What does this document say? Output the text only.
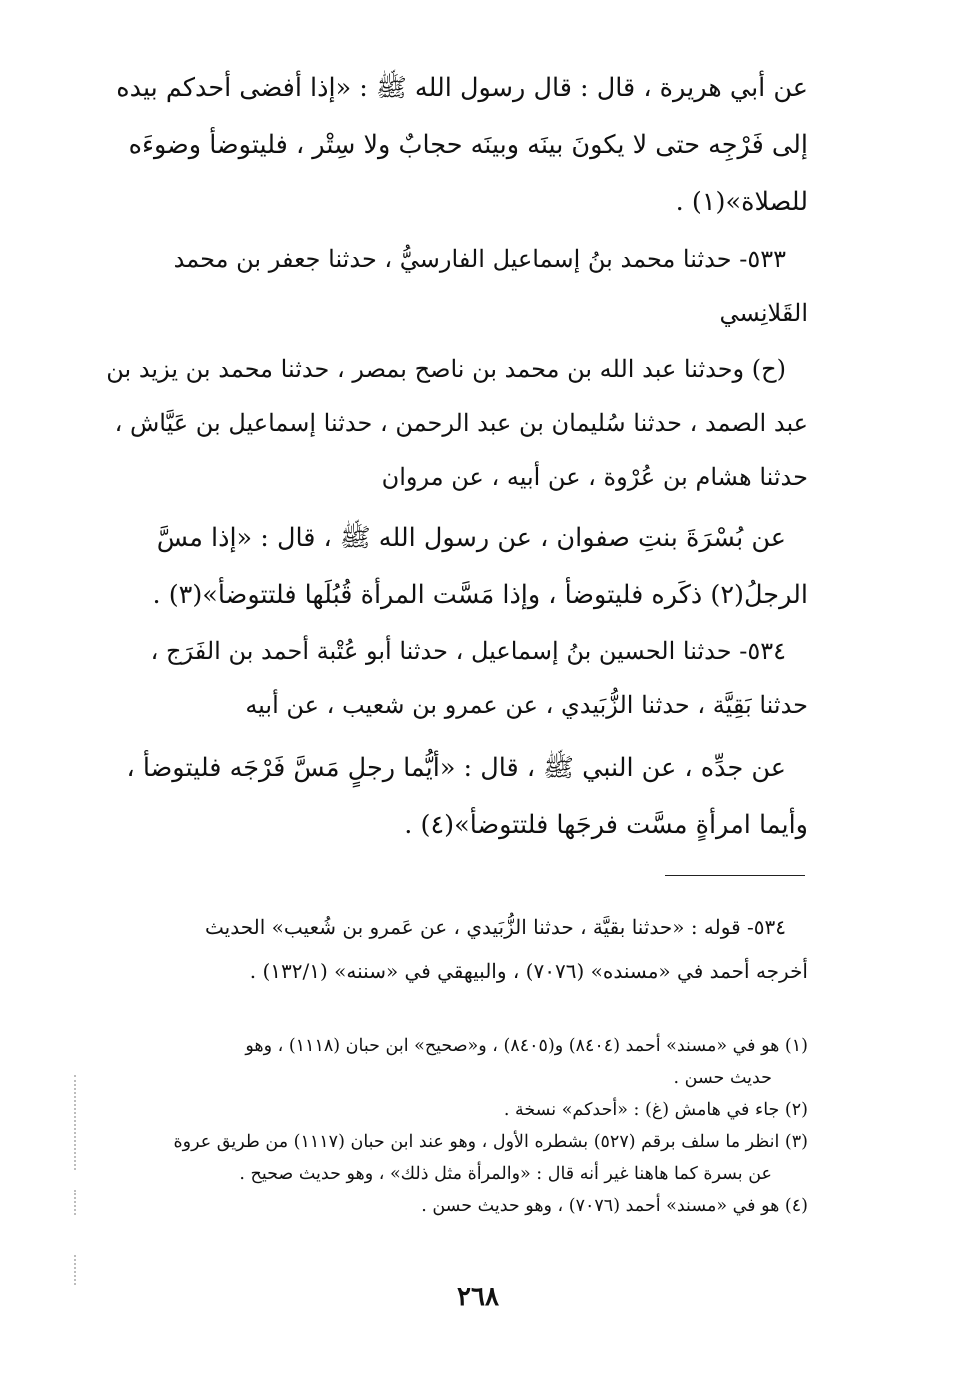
عن أبي هريرة ، قال : قال رسول الله ﷺ : «إذا أفضى أحدكم بيده
إلى فَرْجِه حتى لا يكونَ بينَه وبينَه حجابٌ ولا سِتْر ، فليتوضأ وضوءَه
للصلاة»(١) .
٥٣٣- حدثنا محمد بنُ إسماعيل الفارسيُّ ، حدثنا جعفر بن محمد
القَلانِسي
(ح) وحدثنا عبد الله بن محمد بن ناصح بمصر ، حدثنا محمد بن يزيد بن
عبد الصمد ، حدثنا سُليمان بن عبد الرحمن ، حدثنا إسماعيل بن عَيَّاش ،
حدثنا هشام بن عُرْوة ، عن أبيه ، عن مروان
عن بُسْرَةَ بنتِ صفوان ، عن رسول الله ﷺ ، قال : «إذا مسَّ
الرجلُ(٢) ذكَره فليتوضأ ، وإذا مَسَّت المرأة قُبُلَها فلتتوضأ»(٣) .
٥٣٤- حدثنا الحسين بنُ إسماعيل ، حدثنا أبو عُتْبة أحمد بن الفَرَج ،
حدثنا بَقِيَّة ، حدثنا الزُّبَيدي ، عن عمرو بن شعيب ، عن أبيه
عن جدِّه ، عن النبي ﷺ ، قال : «أيُّما رجلٍ مَسَّ فَرْجَه فليتوضأ ،
وأيما امرأةٍ مسَّت فرجَها فلتتوضأ»(٤) .
٥٣٤- قوله : «حدثنا بقيَّة ، حدثنا الزُّبَيدي ، عن عَمرو بن شُعيب» الحديث
أخرجه أحمد في «مسنده» (٧٠٧٦) ، والبيهقي في «سننه» (١٣٢/١) .
(١) هو في «مسند» أحمد (٨٤٠٤) و(٨٤٠٥) ، و«صحيح» ابن حبان (١١١٨) ، وهو
حديث حسن .
(٢) جاء في هامش (غ) : «أحدكم» نسخة .
(٣) انظر ما سلف برقم (٥٢٧) بشطره الأول ، وهو عند ابن حبان (١١١٧) من طريق عروة
عن بسرة كما هاهنا غير أنه قال : «والمرأة مثل ذلك» ، وهو حديث صحيح .
(٤) هو في «مسند» أحمد (٧٠٧٦) ، وهو حديث حسن .
٢٦٨
